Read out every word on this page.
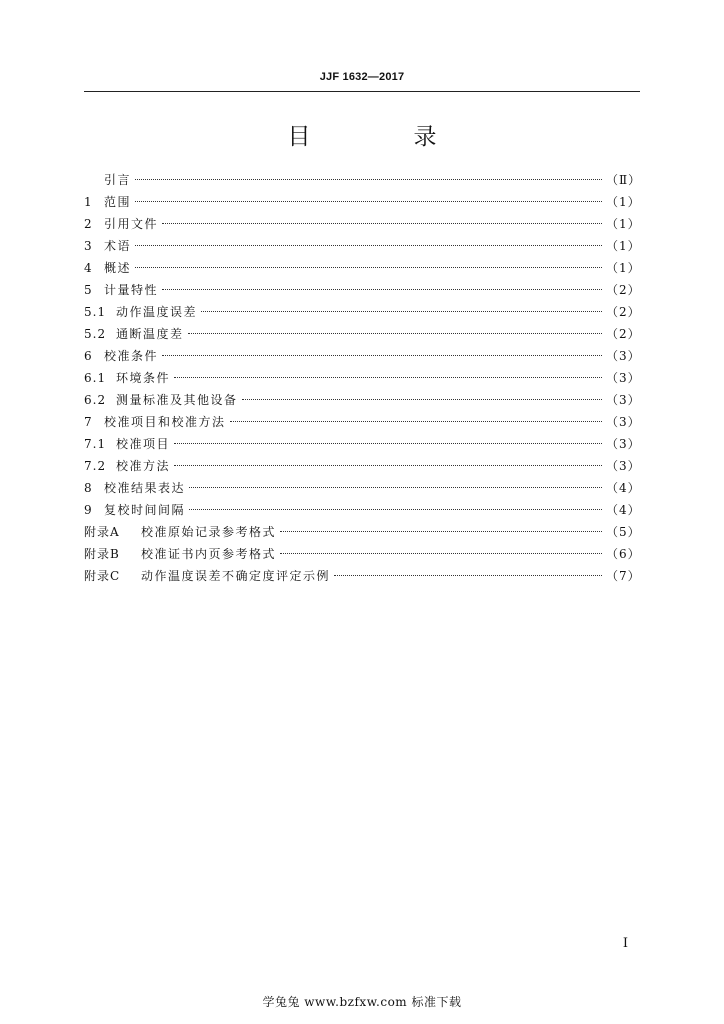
JJF 1632—2017
目　录
引言	（Ⅱ）
1 范围	（1）
2 引用文件	（1）
3 术语	（1）
4 概述	（1）
5 计量特性	（2）
5.1 动作温度误差	（2）
5.2 通断温度差	（2）
6 校准条件	（3）
6.1 环境条件	（3）
6.2 测量标准及其他设备	（3）
7 校准项目和校准方法	（3）
7.1 校准项目	（3）
7.2 校准方法	（3）
8 校准结果表达	（4）
9 复校时间间隔	（4）
附录A	校准原始记录参考格式	（5）
附录B	校准证书内页参考格式	（6）
附录C	动作温度误差不确定度评定示例	（7）
I
学兔兔 www.bzfxw.com 标准下载
